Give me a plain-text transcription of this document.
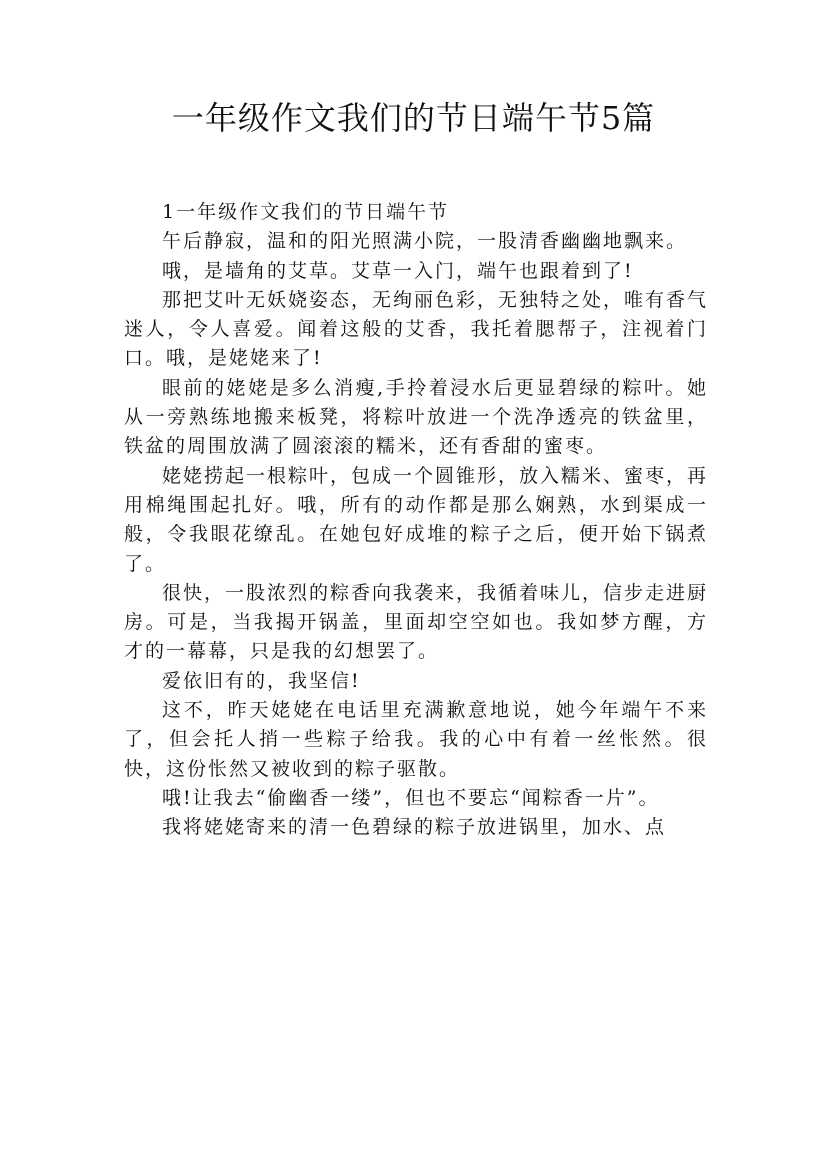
一年级作文我们的节日端午节5篇

1一年级作文我们的节日端午节

午后静寂，温和的阳光照满小院，一股清香幽幽地飘来。

哦，是墙角的艾草。艾草一入门，端午也跟着到了!

那把艾叶无妖娆姿态，无绚丽色彩，无独特之处，唯有香气迷人，令人喜爱。闻着这般的艾香，我托着腮帮子，注视着门口。哦，是姥姥来了!

眼前的姥姥是多么消瘦,手拎着浸水后更显碧绿的粽叶。她从一旁熟练地搬来板凳，将粽叶放进一个洗净透亮的铁盆里，铁盆的周围放满了圆滚滚的糯米，还有香甜的蜜枣。

姥姥捞起一根粽叶，包成一个圆锥形，放入糯米、蜜枣，再用棉绳围起扎好。哦，所有的动作都是那么娴熟，水到渠成一般，令我眼花缭乱。在她包好成堆的粽子之后，便开始下锅煮了。

很快，一股浓烈的粽香向我袭来，我循着味儿，信步走进厨房。可是，当我揭开锅盖，里面却空空如也。我如梦方醒，方才的一幕幕，只是我的幻想罢了。

爱依旧有的，我坚信!

这不，昨天姥姥在电话里充满歉意地说，她今年端午不来了，但会托人捎一些粽子给我。我的心中有着一丝怅然。很快，这份怅然又被收到的粽子驱散。

哦!让我去“偷幽香一缕”，但也不要忘“闻粽香一片”。

我将姥姥寄来的清一色碧绿的粽子放进锅里，加水、点
